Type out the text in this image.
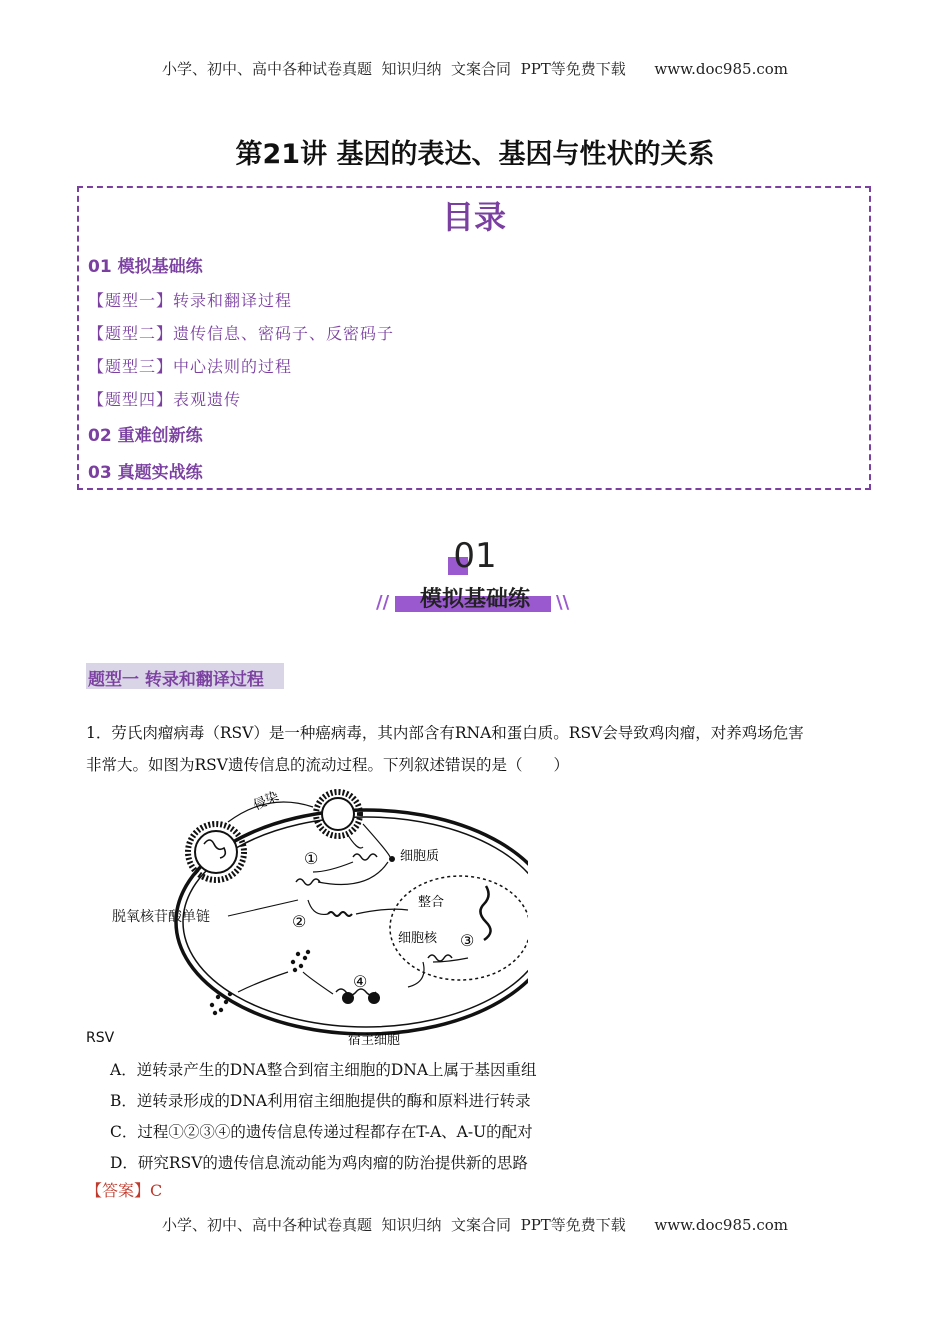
小学、初中、高中各种试卷真题  知识归纳  文案合同  PPT等免费下载      www.doc985.com
第21讲 基因的表达、基因与性状的关系
目录
01 模拟基础练
【题型一】转录和翻译过程
【题型二】遗传信息、密码子、反密码子
【题型三】中心法则的过程
【题型四】表观遗传
02 重难创新练
03 真题实战练
01
模拟基础练
//	\\
题型一 转录和翻译过程
1．劳氏肉瘤病毒（RSV）是一种癌病毒，其内部含有RNA和蛋白质。RSV会导致鸡肉瘤，对养鸡场危害
非常大。如图为RSV遗传信息的流动过程。下列叙述错误的是（　　）
侵染
①	细胞质
②
整合
细胞核 ③
④
宿主细胞
脱氧核苷酸单链
RSV
A．逆转录产生的DNA整合到宿主细胞的DNA上属于基因重组
B．逆转录形成的DNA利用宿主细胞提供的酶和原料进行转录
C．过程①②③④的遗传信息传递过程都存在T-A、A-U的配对
D．研究RSV的遗传信息流动能为鸡肉瘤的防治提供新的思路
【答案】C
小学、初中、高中各种试卷真题  知识归纳  文案合同  PPT等免费下载      www.doc985.com
